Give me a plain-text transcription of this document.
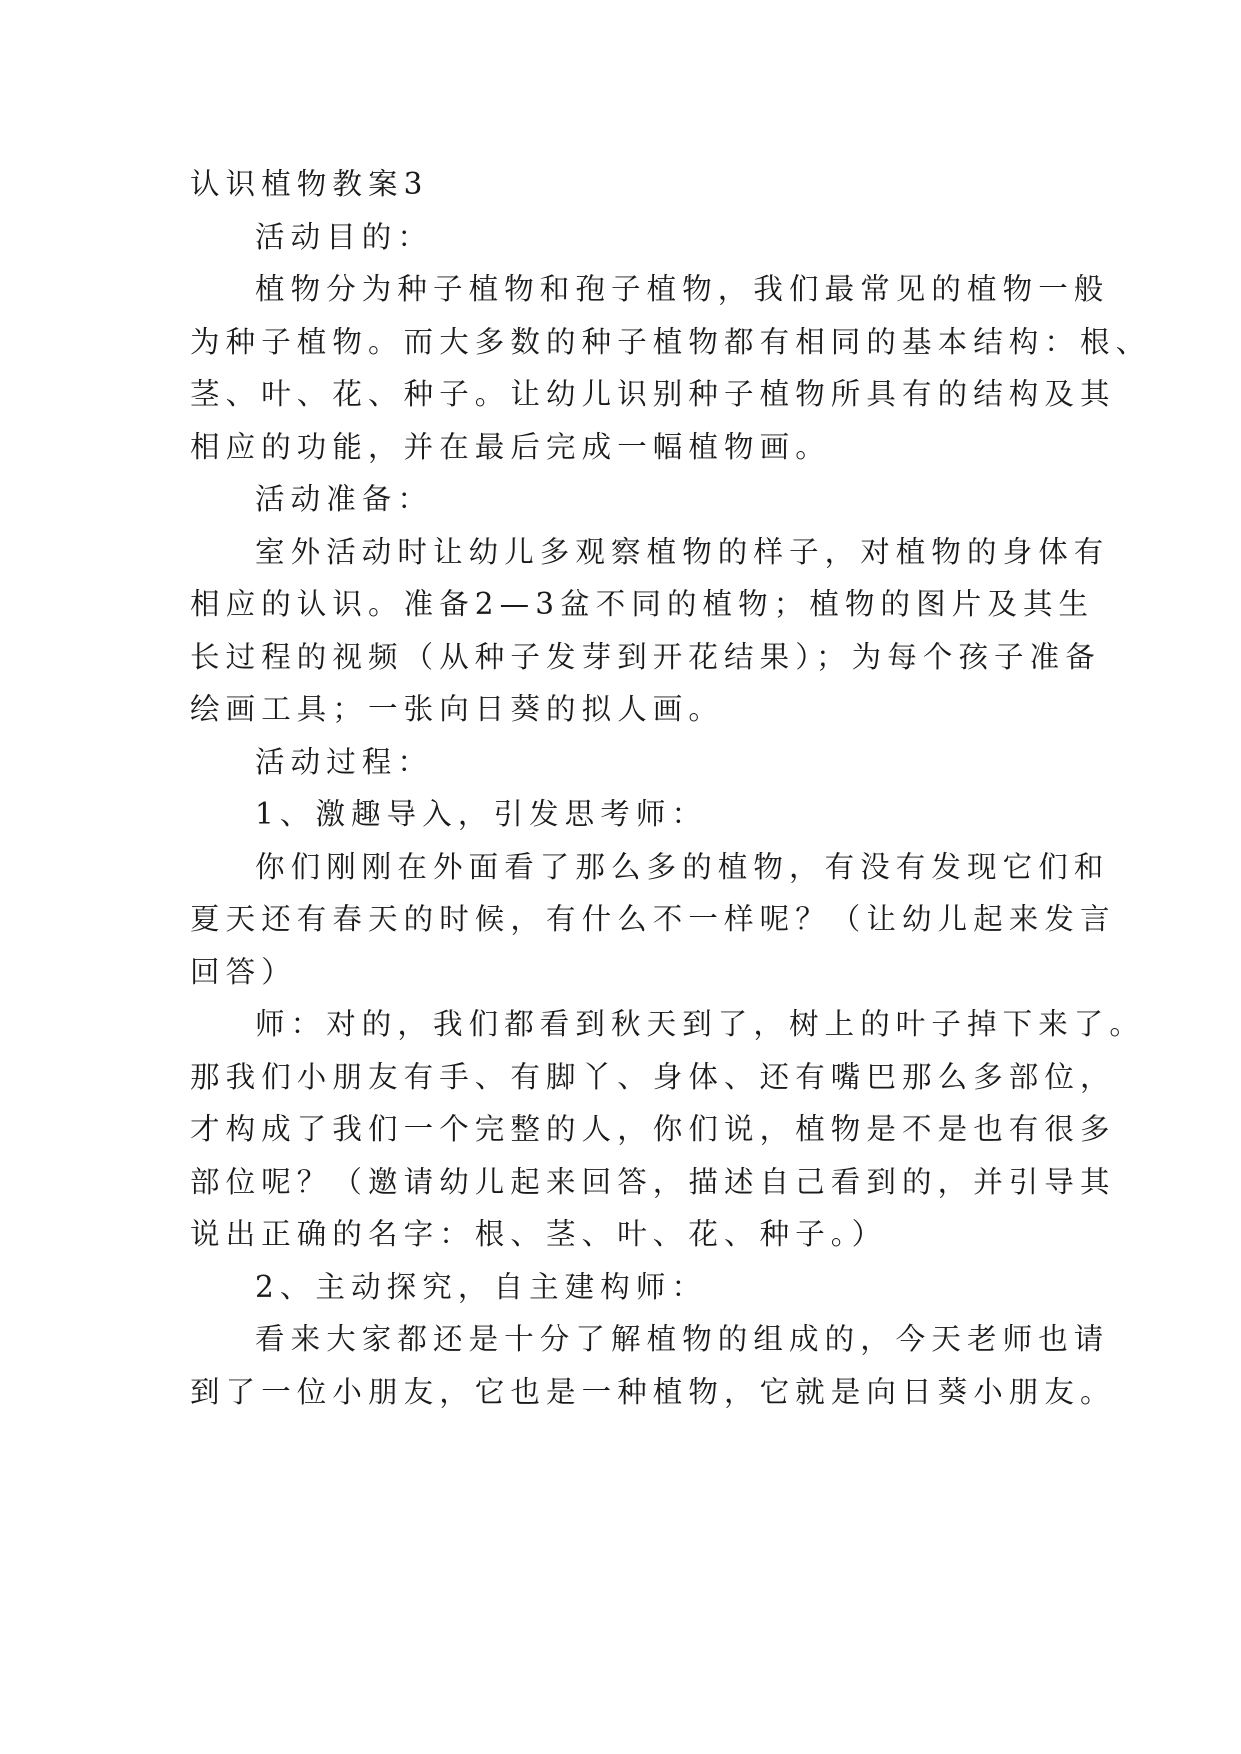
认识植物教案3

活动目的：

植物分为种子植物和孢子植物，我们最常见的植物一般

为种子植物。而大多数的种子植物都有相同的基本结构：根、

茎、叶、花、种子。让幼儿识别种子植物所具有的结构及其

相应的功能，并在最后完成一幅植物画。

活动准备：

室外活动时让幼儿多观察植物的样子，对植物的身体有

相应的认识。准备2—3盆不同的植物；植物的图片及其生

长过程的视频（从种子发芽到开花结果）；为每个孩子准备

绘画工具；一张向日葵的拟人画。

活动过程：

1、激趣导入，引发思考师：

你们刚刚在外面看了那么多的植物，有没有发现它们和

夏天还有春天的时候，有什么不一样呢？（让幼儿起来发言

回答）

师：对的，我们都看到秋天到了，树上的叶子掉下来了。

那我们小朋友有手、有脚丫、身体、还有嘴巴那么多部位，

才构成了我们一个完整的人，你们说，植物是不是也有很多

部位呢？（邀请幼儿起来回答，描述自己看到的，并引导其

说出正确的名字：根、茎、叶、花、种子。）

2、主动探究，自主建构师：

看来大家都还是十分了解植物的组成的，今天老师也请

到了一位小朋友，它也是一种植物，它就是向日葵小朋友。
